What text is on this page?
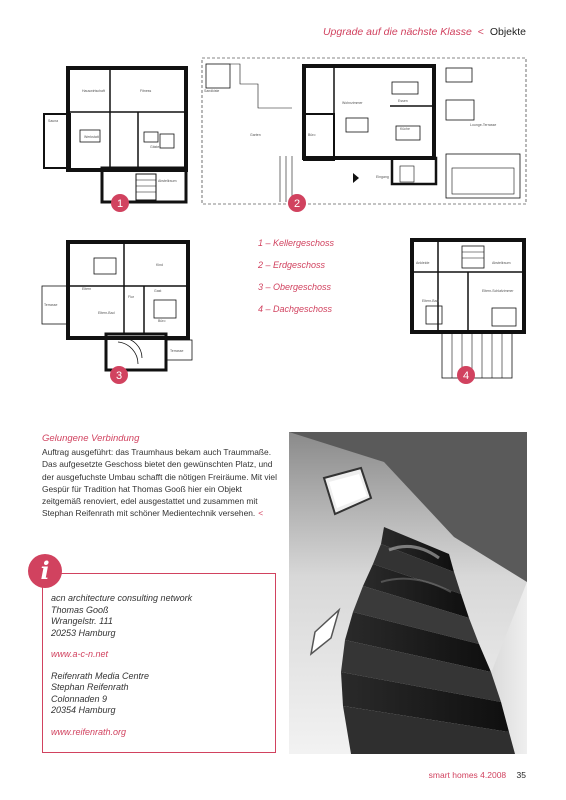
Upgrade auf die nächste Klasse < Objekte
Hauswirtschaft	Fitness
Werkstatt
Gäste
Sauna
Abstellraum
1
Sandkiste
Garten
Wohnzimmer	Essen
Küche
Büro
Eingang
Lounge-Terrasse
2
Eltern
Kind
Gast
Flur
Eltern-Bad
Büro
Terrasse
Terrasse
3
1 – Kellergeschoss
2 – Erdgeschoss
3 – Obergeschoss
4 – Dachgeschoss
Ankleide	Abstellraum
Eltern-Bad
Eltern-Schlafzimmer
4
Gelungene Verbindung
Auftrag ausgeführt: das Traumhaus bekam auch Traummaße. Das aufgesetzte Geschoss bietet den gewünschten Platz, und der ausgefuchste Umbau schafft die nötigen Freiräume. Mit viel Gespür für Tradition hat Thomas Gooß hier ein Objekt zeitgemäß renoviert, edel ausgestattet und zusammen mit Stephan Reifenrath mit schöner Medientechnik versehen. <
i
acn architecture consulting network
Thomas Gooß
Wrangelstr. 111
20253 Hamburg
www.a-c-n.net
Reifenrath Media Centre
Stephan Reifenrath
Colonnaden 9
20354 Hamburg
www.reifenrath.org
smart homes 4.2008 35
